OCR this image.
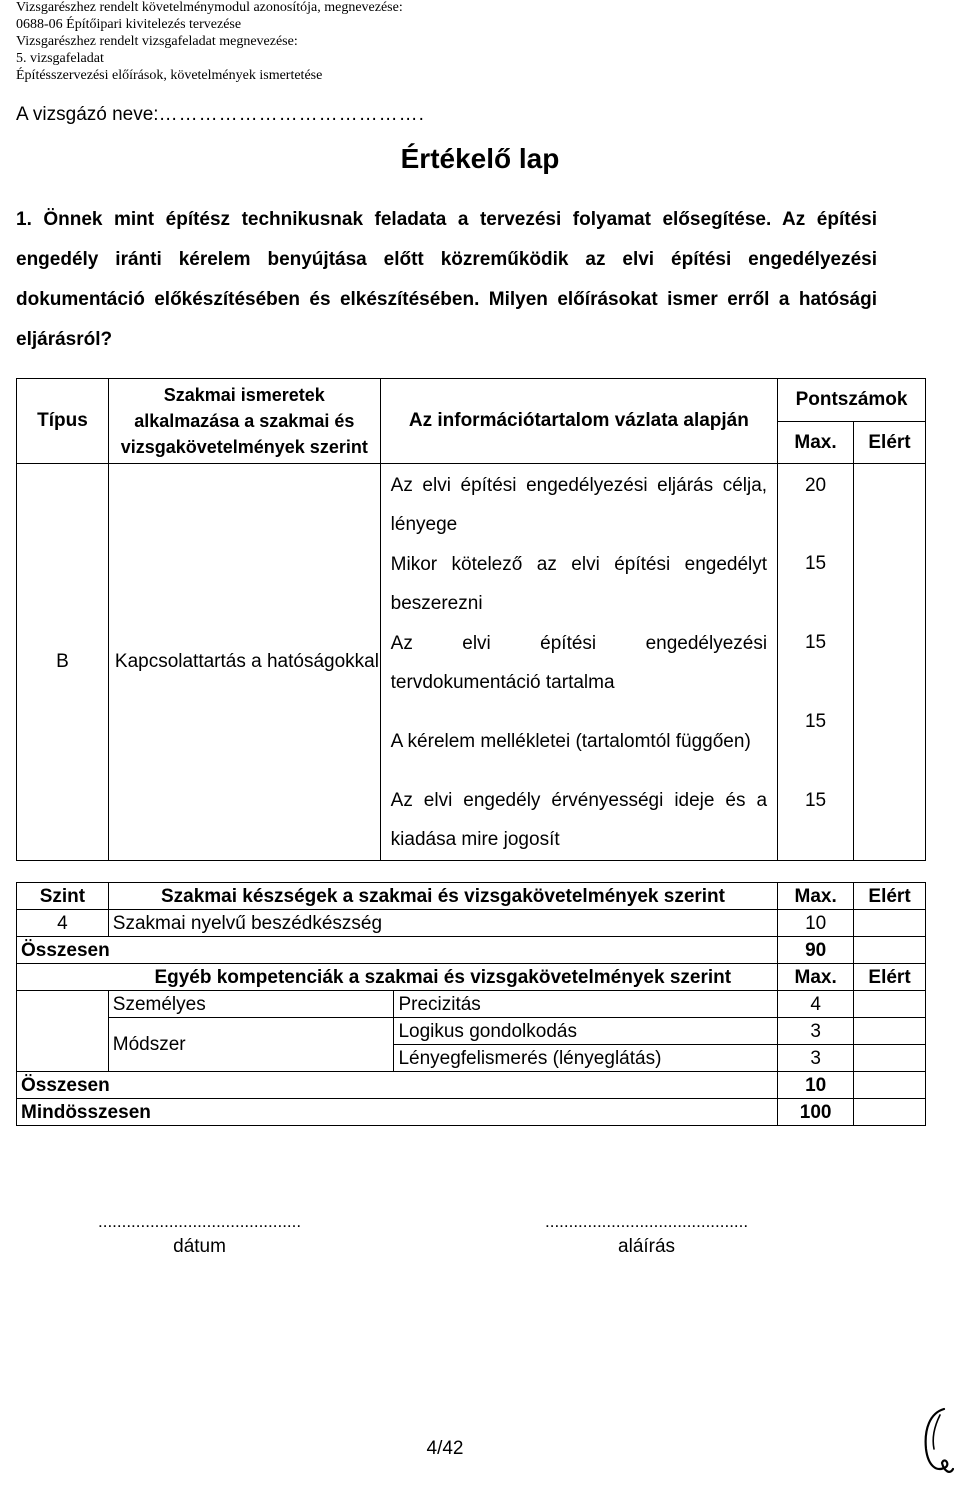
Vizsgarészhez rendelt követelménymodul azonosítója, megnevezése:
0688-06 Építőipari kivitelezés tervezése
Vizsgarészhez rendelt vizsgafeladat megnevezése:
5. vizsgafeladat
Építésszervezési előírások, követelmények ismertetése
A vizsgázó neve:………………………………….
Értékelő lap
1. Önnek mint építész technikusnak feladata a tervezési folyamat elősegítése. Az építési engedély iránti kérelem benyújtása előtt közreműködik az elvi építési engedélyezési dokumentáció előkészítésében és elkészítésében. Milyen előírásokat ismer erről a hatósági eljárásról?
Típus	Szakmai ismeretek alkalmazása a szakmai és vizsgakövetelmények szerint	Az információtartalom vázlata alapján	Pontszámok	
			Max.	Elért
B	Kapcsolattartás a hatóságokkal	Az elvi építési engedélyezési eljárás célja, lényege	20	
		Mikor kötelező az elvi építési engedélyt beszerezni	15	
		Az elvi építési engedélyezési tervdokumentáció tartalma	15	
		A kérelem mellékletei (tartalomtól függően)	15	
		Az elvi engedély érvényességi ideje és a kiadása mire jogosít	15	
Szint	Szakmai készségek a szakmai és vizsgakövetelmények szerint		Max.	Elért
4	Szakmai nyelvű beszédkészség		10	
Összesen			90	
	Egyéb kompetenciák a szakmai és vizsgakövetelmények szerint		Max.	Elért
	Személyes	Precizitás	4	
	Módszer	Logikus gondolkodás	3	
		Lényegfelismerés (lényeglátás)	3	
Összesen			10	
Mindösszesen			100	
...........................................
dátum
...........................................
aláírás
4/42
